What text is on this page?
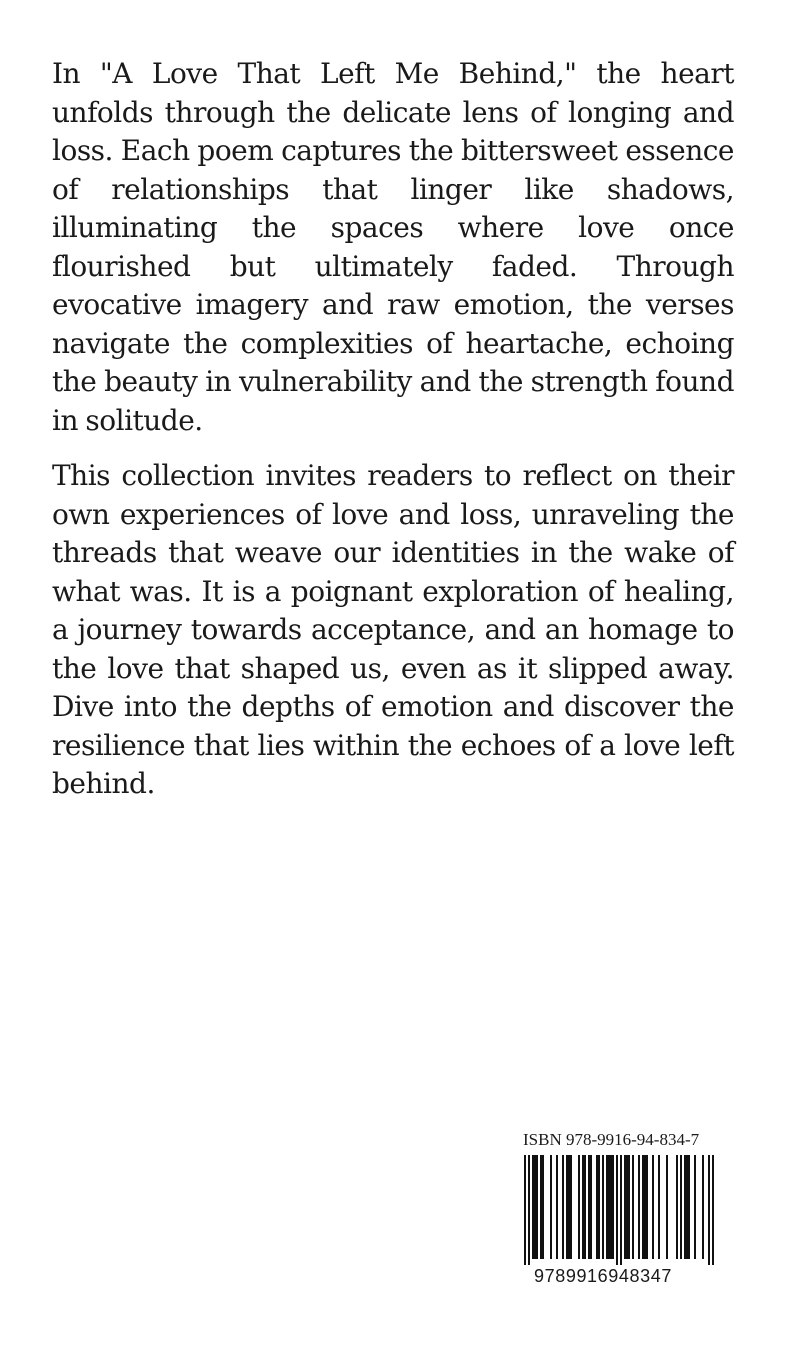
In "A Love That Left Me Behind," the heart unfolds through the delicate lens of longing and loss. Each poem captures the bittersweet essence of relationships that linger like shadows, illuminating the spaces where love once flourished but ultimately faded. Through evocative imagery and raw emotion, the verses navigate the complexities of heartache, echoing the beauty in vulnerability and the strength found in solitude.

This collection invites readers to reflect on their own experiences of love and loss, unraveling the threads that weave our identities in the wake of what was. It is a poignant exploration of healing, a journey towards acceptance, and an homage to the love that shaped us, even as it slipped away. Dive into the depths of emotion and discover the resilience that lies within the echoes of a love left behind.

ISBN 978-9916-94-834-7
9789916948347
